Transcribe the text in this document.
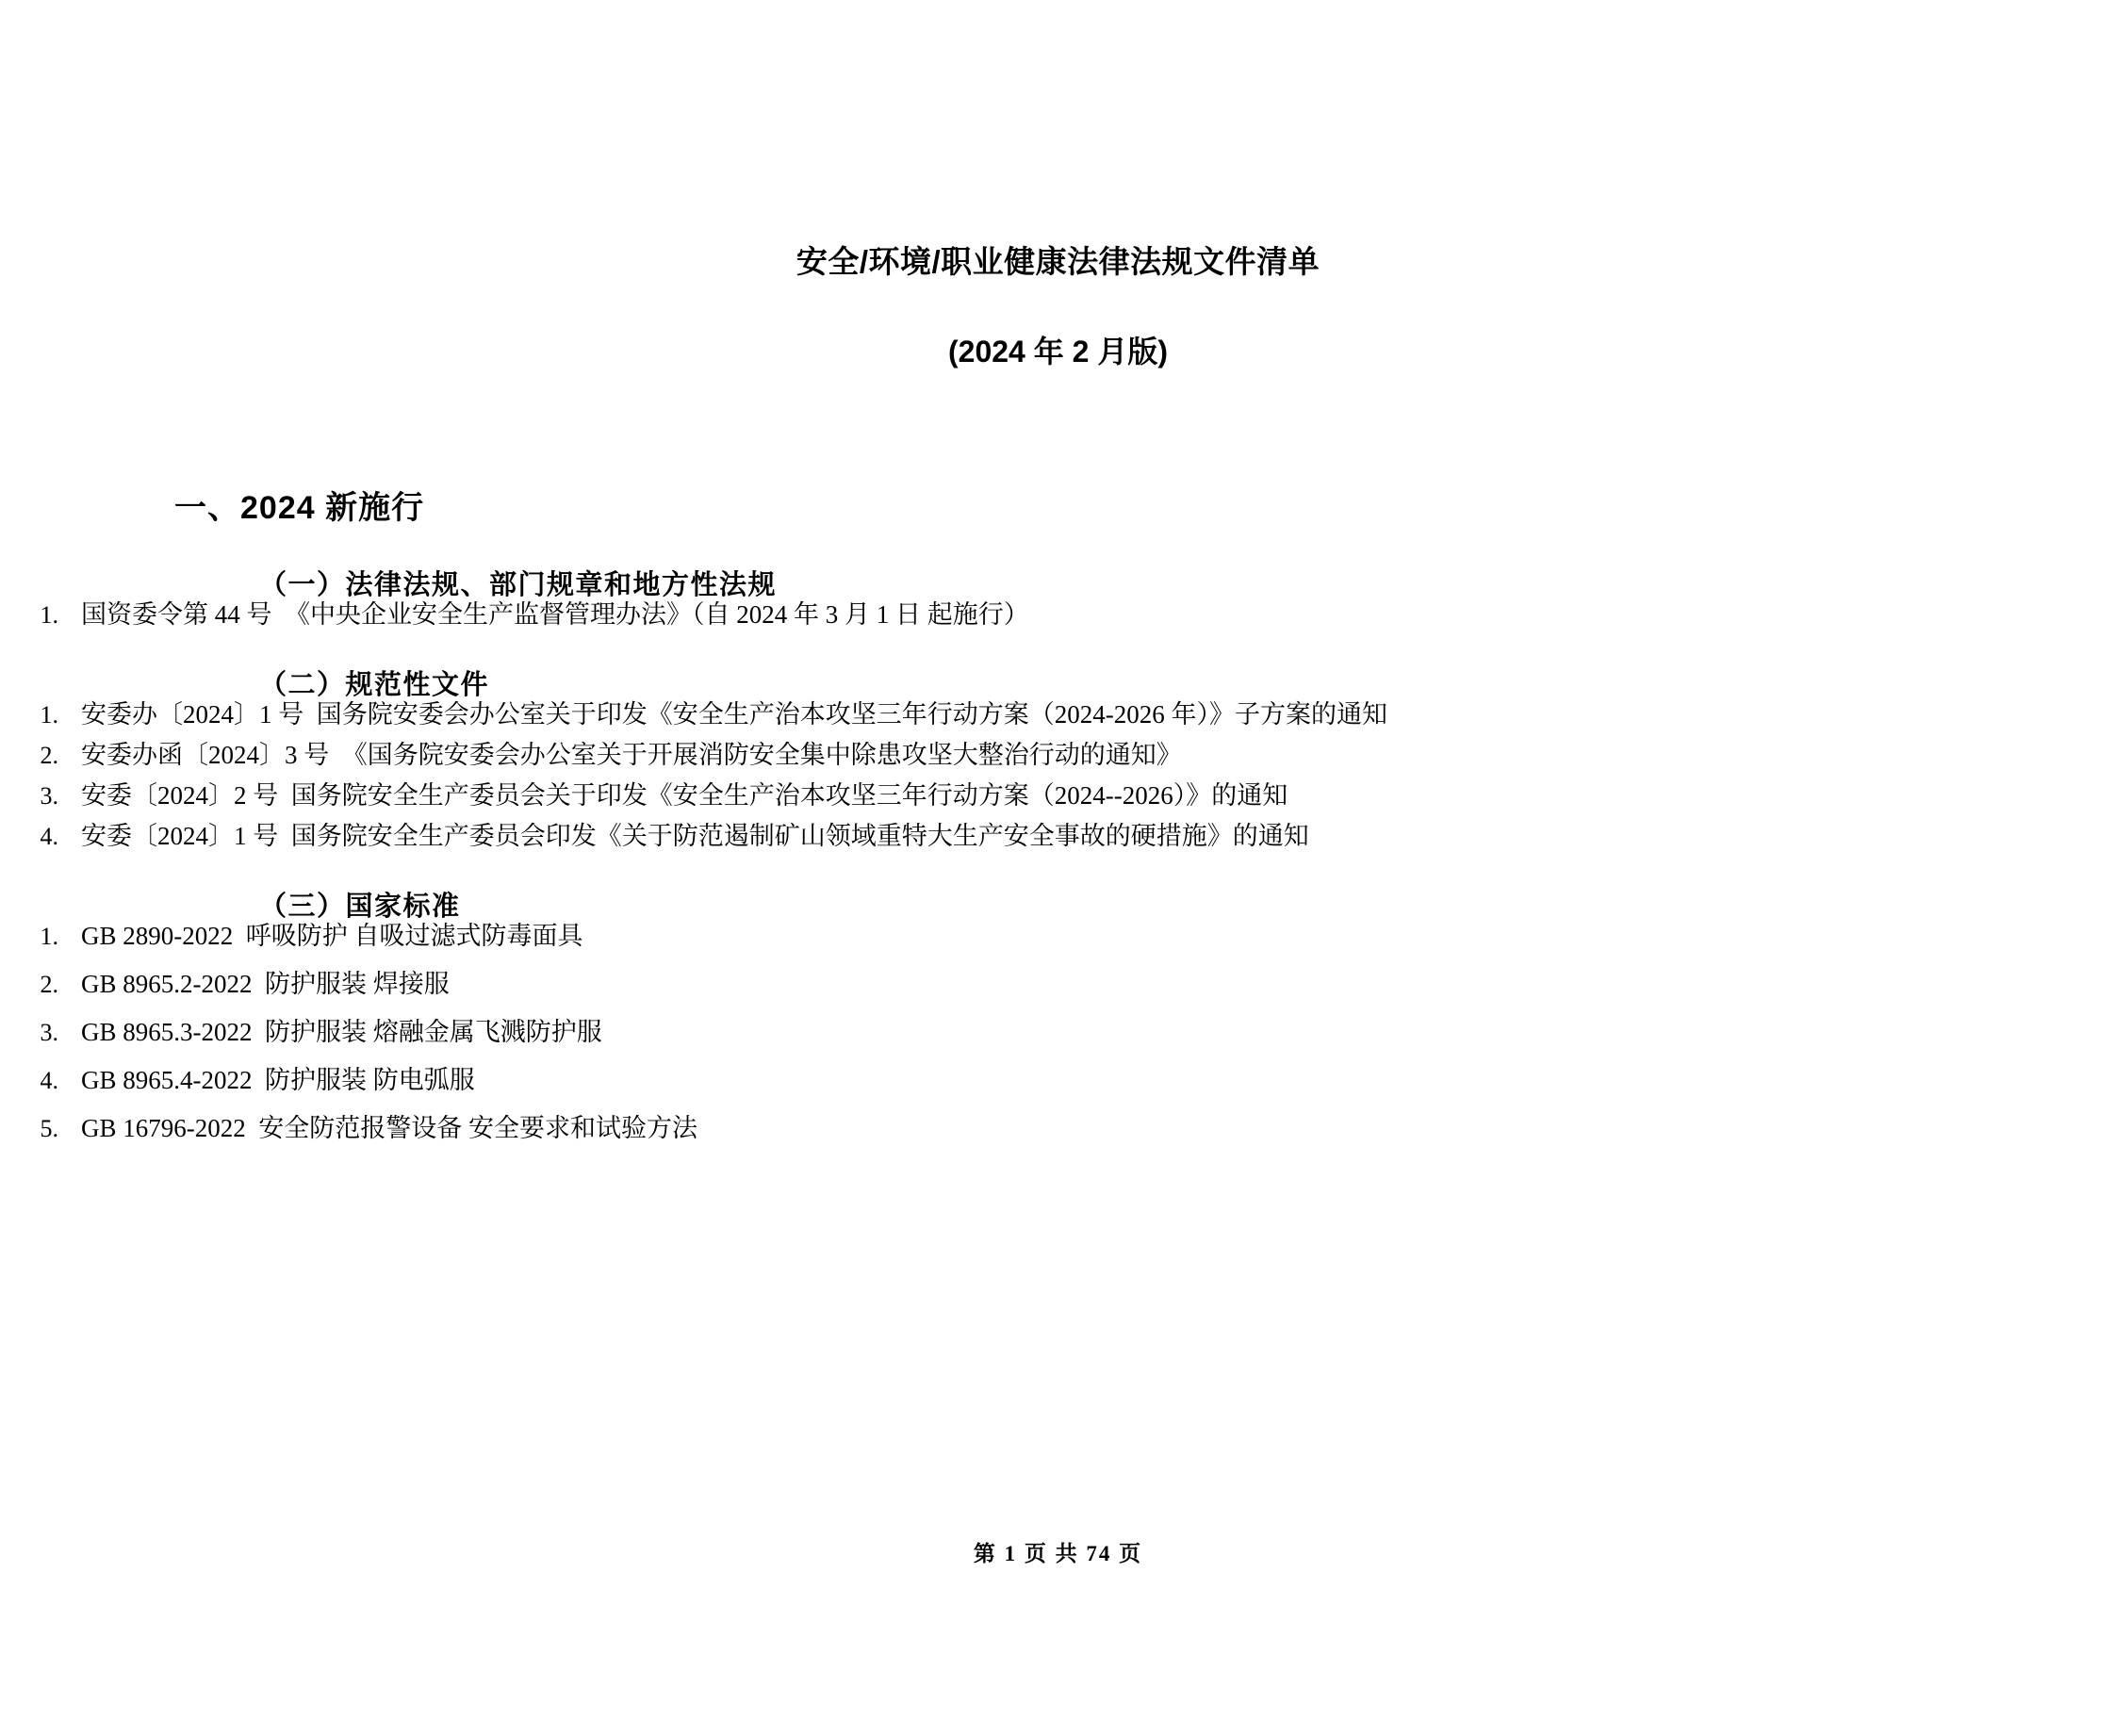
安全/环境/职业健康法律法规文件清单
(2024 年 2 月版)
一、2024 新施行
（一）法律法规、部门规章和地方性法规
1. 国资委令第 44 号  《中央企业安全生产监督管理办法》（自 2024 年 3 月 1 日 起施行）
（二）规范性文件
1. 安委办〔2024〕1 号  国务院安委会办公室关于印发《安全生产治本攻坚三年行动方案（2024-2026 年）》子方案的通知
2. 安委办函〔2024〕3 号  《国务院安委会办公室关于开展消防安全集中除患攻坚大整治行动的通知》
3. 安委〔2024〕2 号  国务院安全生产委员会关于印发《安全生产治本攻坚三年行动方案（2024--2026）》的通知
4. 安委〔2024〕1 号  国务院安全生产委员会印发《关于防范遏制矿山领域重特大生产安全事故的硬措施》的通知
（三）国家标准
1. GB 2890-2022  呼吸防护 自吸过滤式防毒面具
2. GB 8965.2-2022  防护服装 焊接服
3. GB 8965.3-2022  防护服装 熔融金属飞溅防护服
4. GB 8965.4-2022  防护服装 防电弧服
5. GB 16796-2022  安全防范报警设备 安全要求和试验方法
第 1 页 共 74 页
